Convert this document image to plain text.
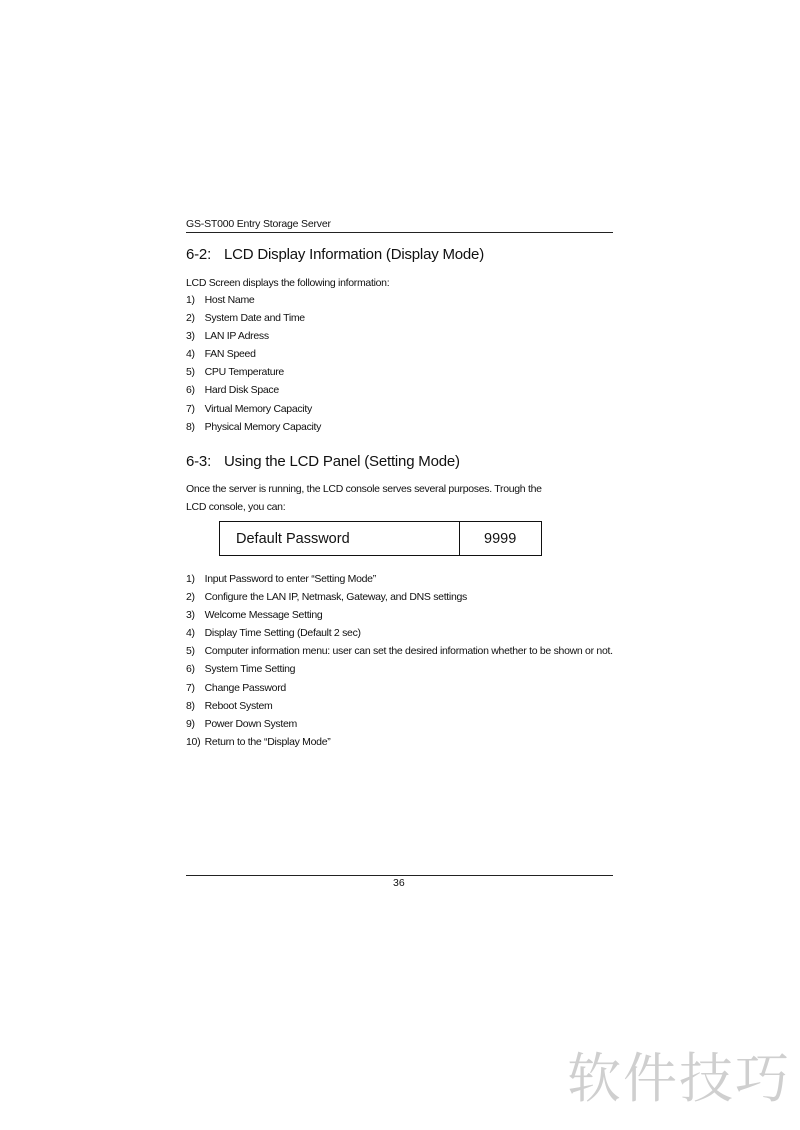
GS-ST000 Entry Storage Server
6-2: LCD Display Information (Display Mode)
LCD Screen displays the following information:
1) Host Name
2) System Date and Time
3) LAN IP Adress
4) FAN Speed
5) CPU Temperature
6) Hard Disk Space
7) Virtual Memory Capacity
8) Physical Memory Capacity
6-3: Using the LCD Panel (Setting Mode)
Once the server is running, the LCD console serves several purposes. Trough the
LCD console, you can:
Default Password	9999
1) Input Password to enter “Setting Mode”
2) Configure the LAN IP, Netmask, Gateway, and DNS settings
3) Welcome Message Setting
4) Display Time Setting (Default 2 sec)
5) Computer information menu: user can set the desired information whether to be shown or not.
6) System Time Setting
7) Change Password
8) Reboot System
9) Power Down System
10) Return to the “Display Mode”
36
软件技巧
